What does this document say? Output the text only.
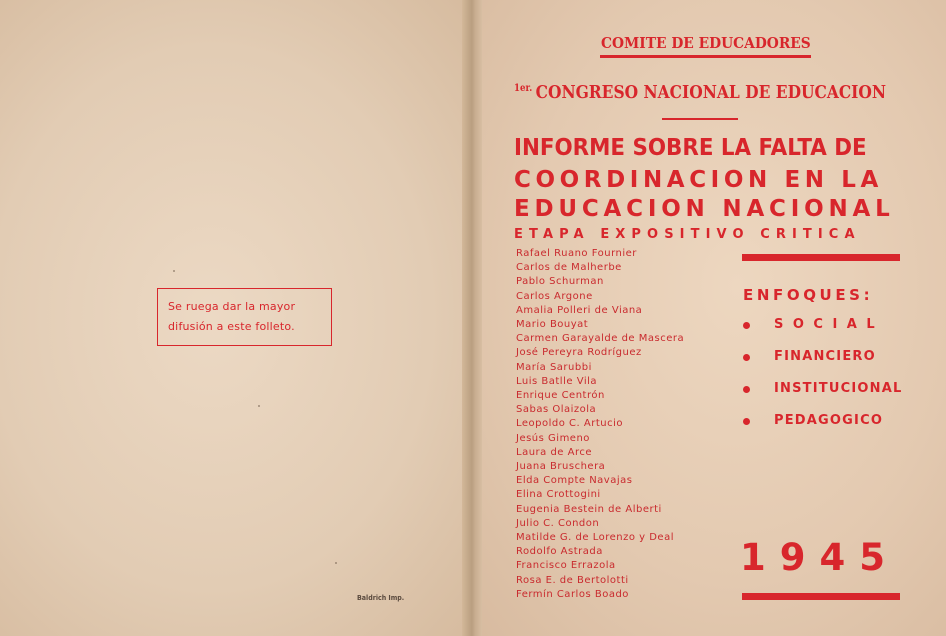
Se ruega dar la mayor
difusión a este folleto.
Baldrich Imp.
COMITE DE EDUCADORES
$^{1er.}$ CONGRESO NACIONAL DE EDUCACION
INFORME SOBRE LA FALTA DE
COORDINACION EN LA
EDUCACION NACIONAL
ETAPA EXPOSITIVO CRITICA
Rafael Ruano Fournier
Carlos de Malherbe
Pablo Schurman
Carlos Argone
Amalia Polleri de Viana
Mario Bouyat
Carmen Garayalde de Mascera
José Pereyra Rodríguez
María Sarubbi
Luis Batlle Vila
Enrique Centrón
Sabas Olaizola
Leopoldo C. Artucio
Jesús Gimeno
Laura de Arce
Juana Bruschera
Elda Compte Navajas
Elina Crottogini
Eugenia Bestein de Alberti
Julio C. Condon
Matilde G. de Lorenzo y Deal
Rodolfo Astrada
Francisco Errazola
Rosa E. de Bertolotti
Fermín Carlos Boado
ENFOQUES:
SOCIAL
FINANCIERO
INSTITUCIONAL
PEDAGOGICO
1945
